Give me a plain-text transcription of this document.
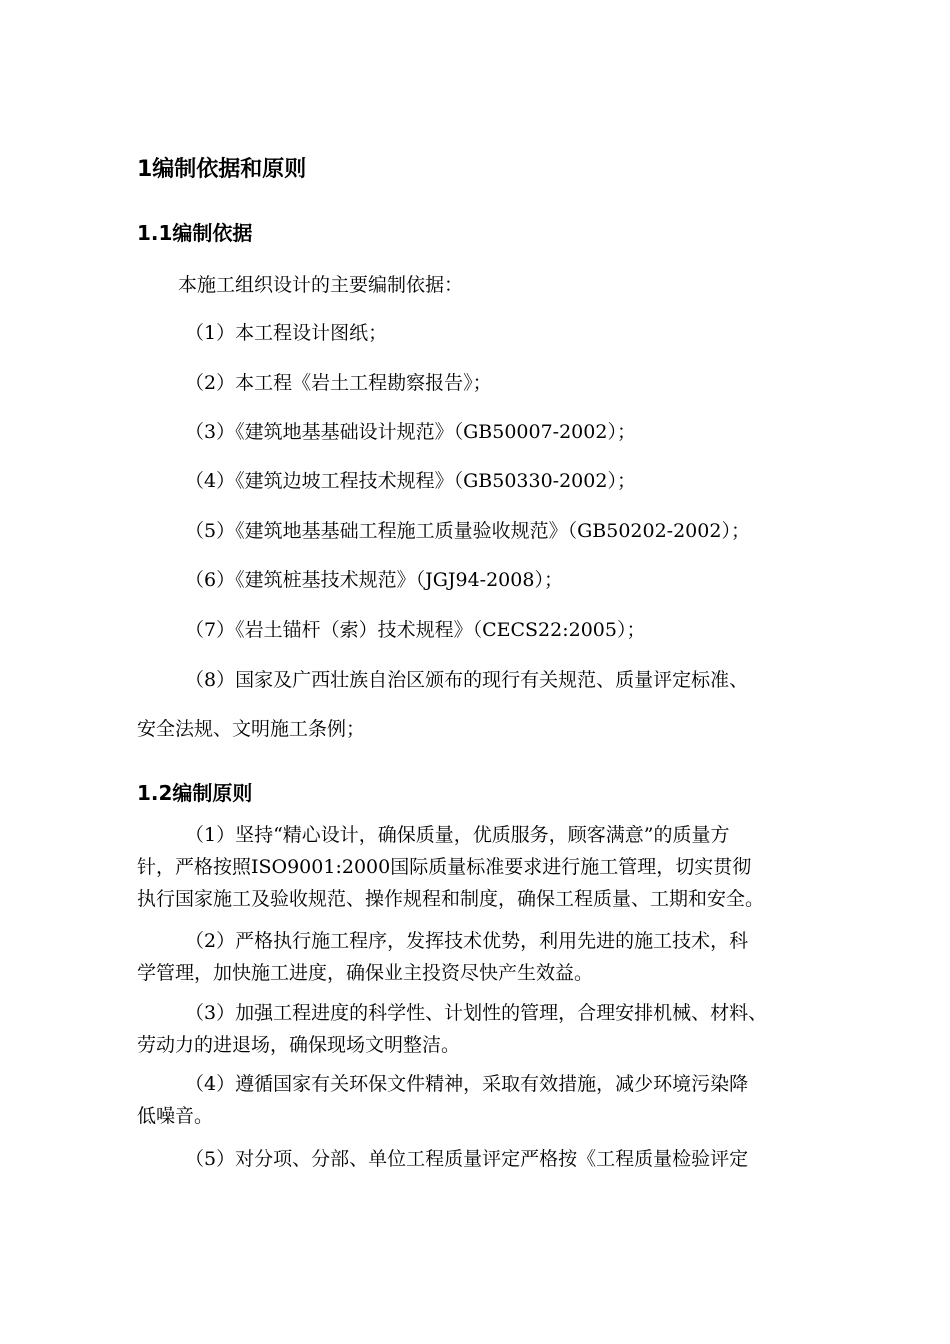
1编制依据和原则
1.1编制依据
本施工组织设计的主要编制依据：
（1）本工程设计图纸；
（2）本工程《岩土工程勘察报告》；
（3）《建筑地基基础设计规范》（GB50007-2002）；
（4）《建筑边坡工程技术规程》（GB50330-2002）；
（5）《建筑地基基础工程施工质量验收规范》（GB50202-2002）；
（6）《建筑桩基技术规范》（JGJ94-2008）；
（7）《岩土锚杆（索）技术规程》（CECS22:2005）；
（8）国家及广西壮族自治区颁布的现行有关规范、质量评定标准、
安全法规、文明施工条例；
1.2编制原则
（1）坚持“精心设计，确保质量，优质服务，顾客满意”的质量方
针，严格按照ISO9001:2000国际质量标准要求进行施工管理，切实贯彻
执行国家施工及验收规范、操作规程和制度，确保工程质量、工期和安全。
（2）严格执行施工程序，发挥技术优势，利用先进的施工技术，科
学管理，加快施工进度，确保业主投资尽快产生效益。
（3）加强工程进度的科学性、计划性的管理，合理安排机械、材料、
劳动力的进退场，确保现场文明整洁。
（4）遵循国家有关环保文件精神，采取有效措施，减少环境污染降
低噪音。
（5）对分项、分部、单位工程质量评定严格按《工程质量检验评定
